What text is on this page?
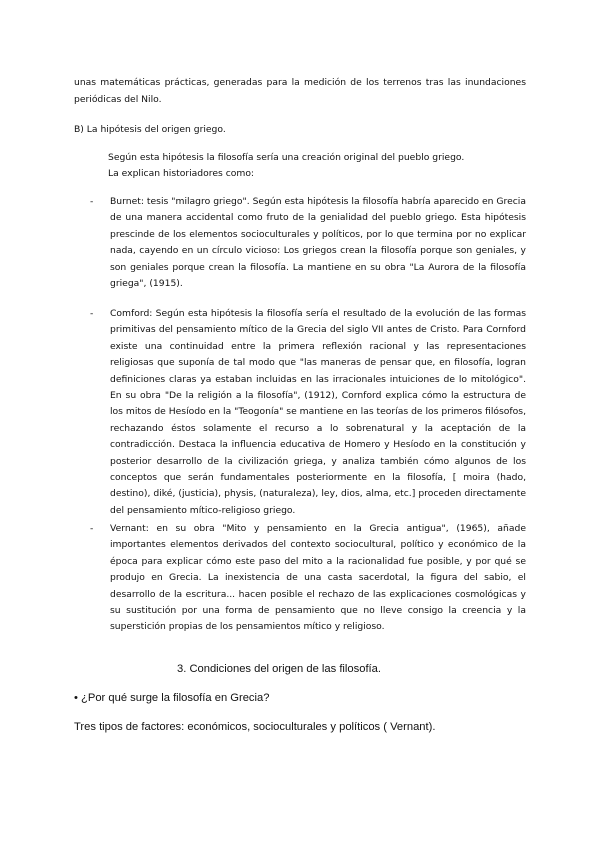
unas matemáticas prácticas, generadas para la medición de los terrenos tras las inundaciones periódicas del Nilo.

B) La hipótesis del origen griego.

Según esta hipótesis la filosofía sería una creación original del pueblo griego.

La explican historiadores como:

- Burnet: tesis "milagro griego". Según esta hipótesis la filosofía habría aparecido en Grecia de una manera accidental como fruto de la genialidad del pueblo griego. Esta hipótesis prescinde de los elementos socioculturales y políticos, por lo que termina por no explicar nada, cayendo en un círculo vicioso: Los griegos crean la filosofía porque son geniales, y son geniales porque crean la filosofía. La mantiene en su obra "La Aurora de la filosofía griega", (1915).

- Comford: Según esta hipótesis la filosofía sería el resultado de la evolución de las formas primitivas del pensamiento mítico de la Grecia del siglo VII antes de Cristo. Para Cornford existe una continuidad entre la primera reflexión racional y las representaciones religiosas que suponía de tal modo que "las maneras de pensar que, en filosofía, logran definiciones claras ya estaban incluidas en las irracionales intuiciones de lo mitológico". En su obra "De la religión a la filosofía", (1912), Cornford explica cómo la estructura de los mitos de Hesíodo en la "Teogonía" se mantiene en las teorías de los primeros filósofos, rechazando éstos solamente el recurso a lo sobrenatural y la aceptación de la contradicción. Destaca la influencia educativa de Homero y Hesíodo en la constitución y posterior desarrollo de la civilización griega, y analiza también cómo algunos de los conceptos que serán fundamentales posteriormente en la filosofía, [ moira (hado, destino), diké, (justicia), physis, (naturaleza), ley, dios, alma, etc.] proceden directamente del pensamiento mítico-religioso griego.

- Vernant: en su obra "Mito y pensamiento en la Grecia antigua", (1965), añade importantes elementos derivados del contexto sociocultural, político y económico de la época para explicar cómo este paso del mito a la racionalidad fue posible, y por qué se produjo en Grecia. La inexistencia de una casta sacerdotal, la figura del sabio, el desarrollo de la escritura... hacen posible el rechazo de las explicaciones cosmológicas y su sustitución por una forma de pensamiento que no lleve consigo la creencia y la superstición propias de los pensamientos mítico y religioso.

3. Condiciones del origen de las filosofía.

• ¿Por qué surge la filosofía en Grecia?

Tres tipos de factores: económicos, socioculturales y políticos ( Vernant).
